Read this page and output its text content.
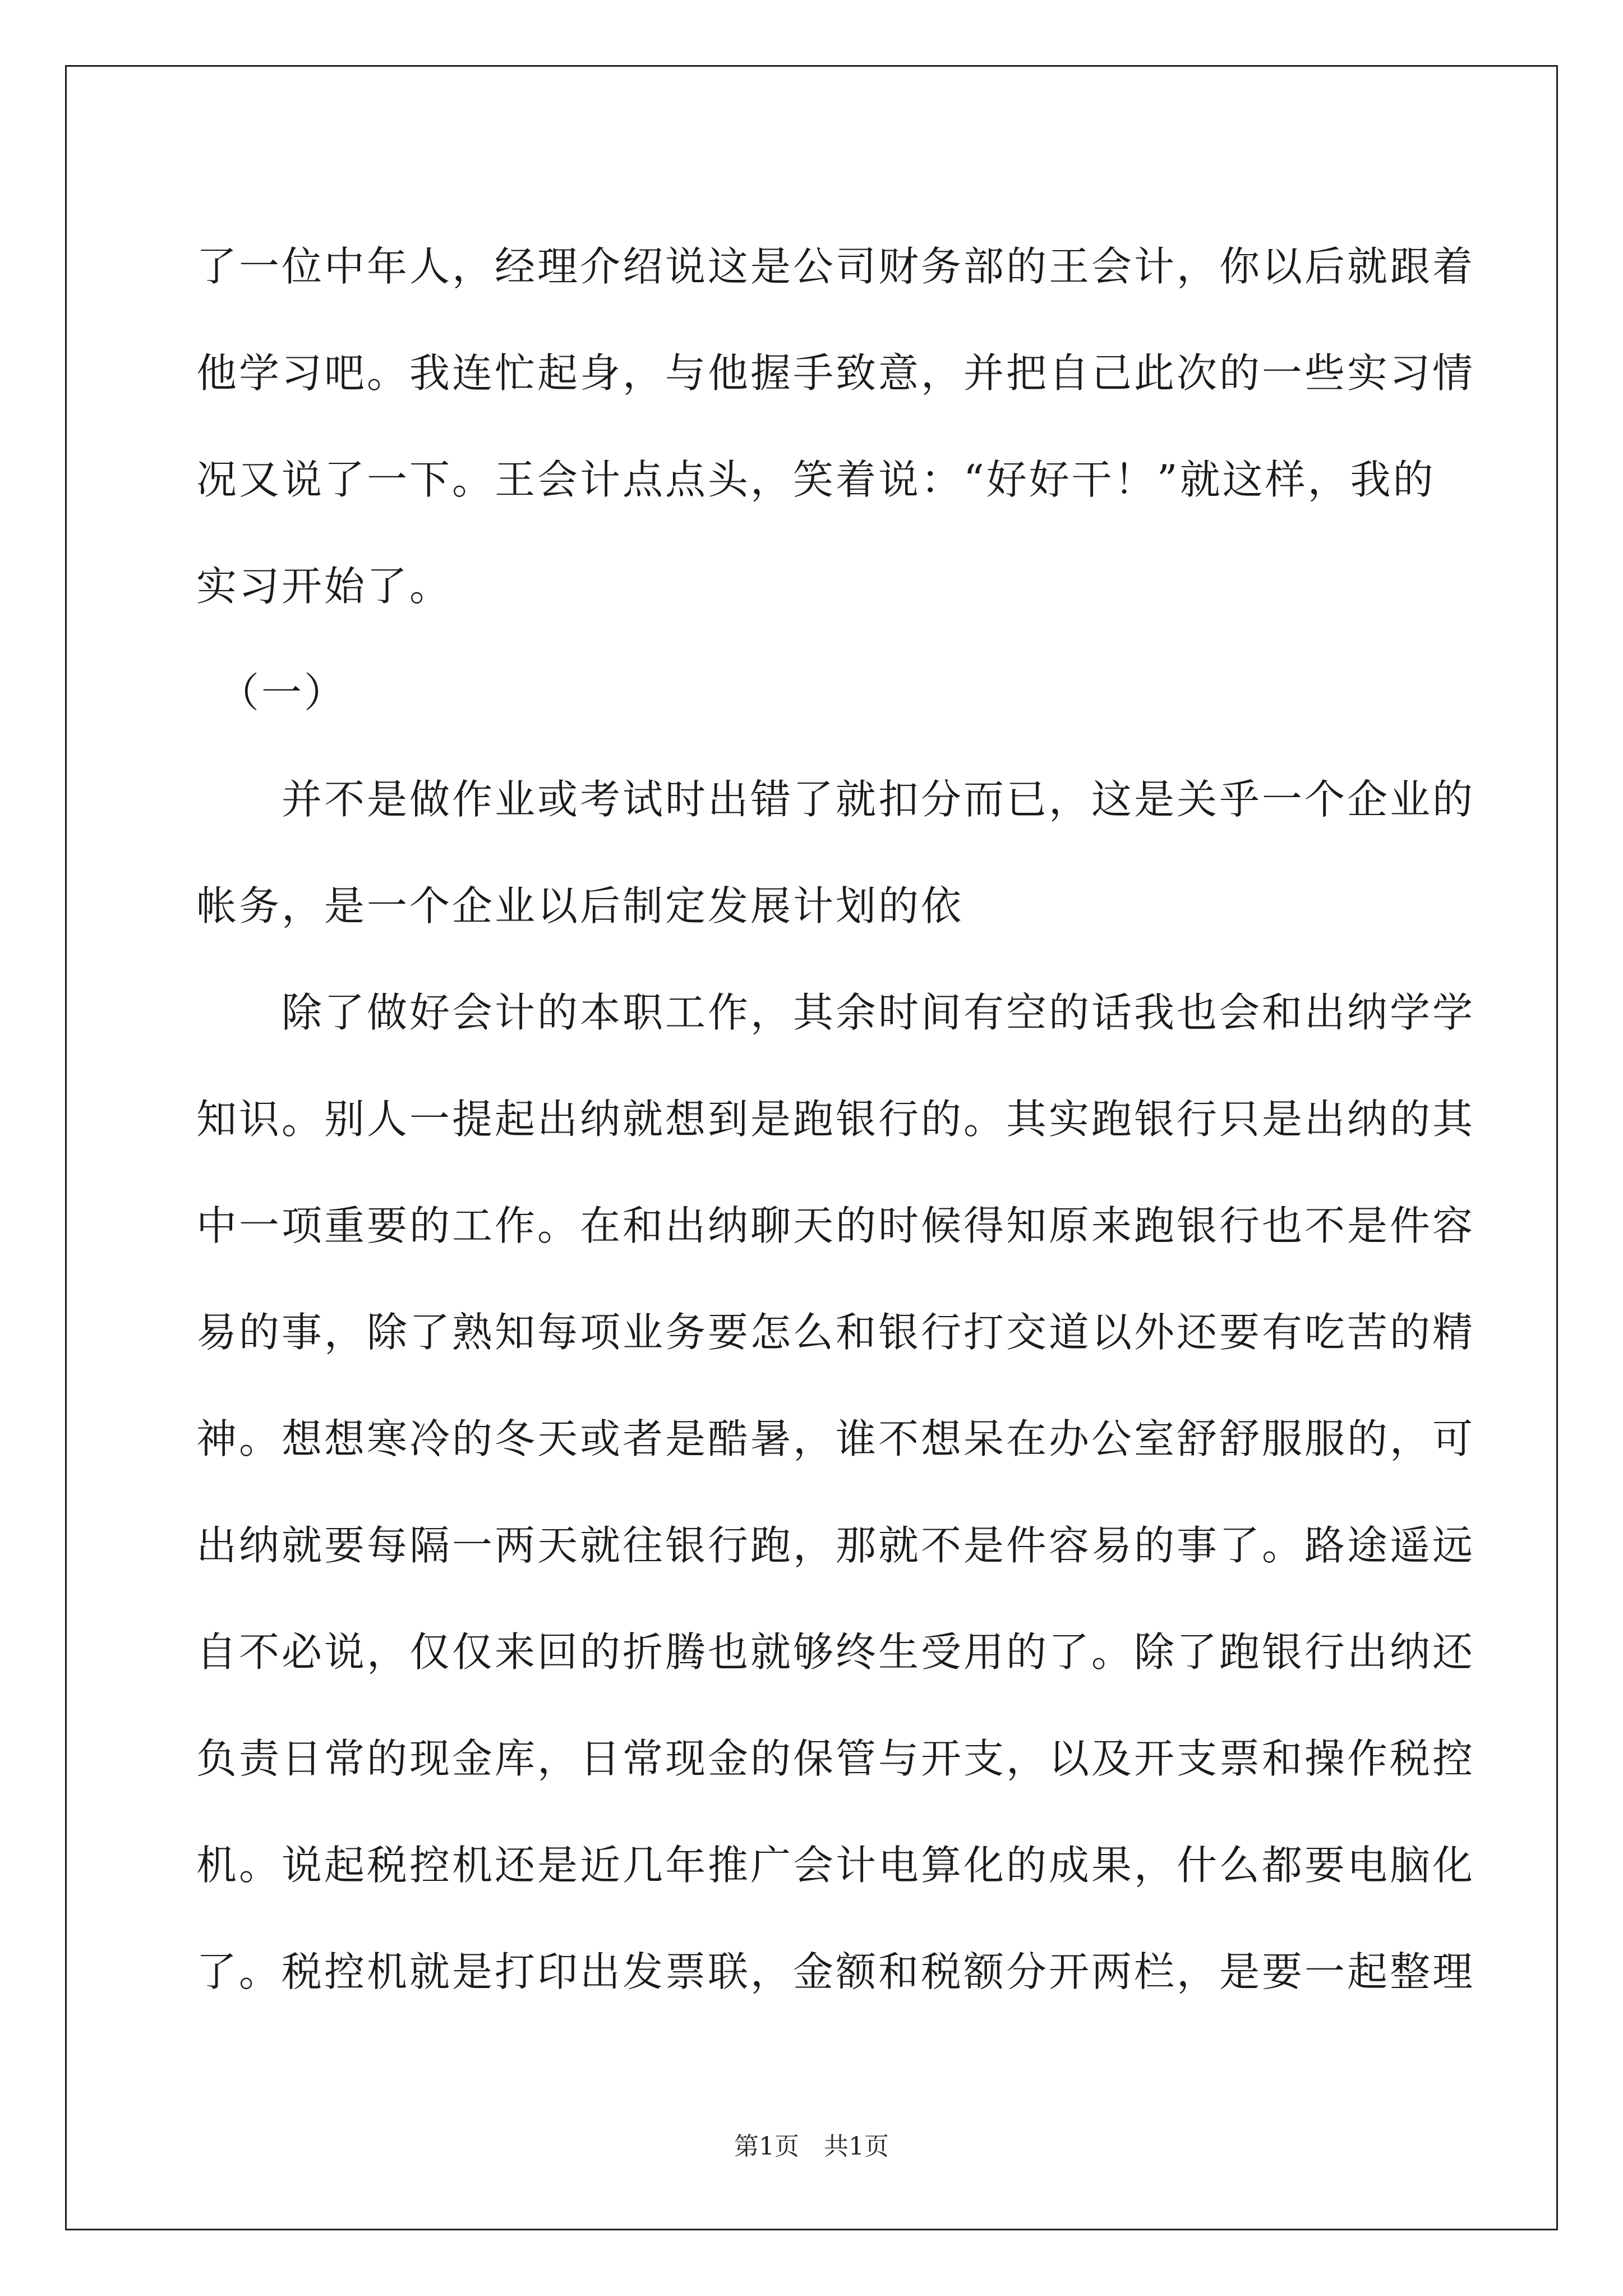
了一位中年人，经理介绍说这是公司财务部的王会计，你以后就跟着
他学习吧。我连忙起身，与他握手致意，并把自己此次的一些实习情
况又说了一下。王会计点点头，笑着说：“好好干！”就这样，我的
实习开始了。
　（一）
　　并不是做作业或考试时出错了就扣分而已，这是关乎一个企业的
帐务，是一个企业以后制定发展计划的依
　　除了做好会计的本职工作，其余时间有空的话我也会和出纳学学
知识。别人一提起出纳就想到是跑银行的。其实跑银行只是出纳的其
中一项重要的工作。在和出纳聊天的时候得知原来跑银行也不是件容
易的事，除了熟知每项业务要怎么和银行打交道以外还要有吃苦的精
神。想想寒冷的冬天或者是酷暑，谁不想呆在办公室舒舒服服的，可
出纳就要每隔一两天就往银行跑，那就不是件容易的事了。路途遥远
自不必说，仅仅来回的折腾也就够终生受用的了。除了跑银行出纳还
负责日常的现金库，日常现金的保管与开支，以及开支票和操作税控
机。说起税控机还是近几年推广会计电算化的成果，什么都要电脑化
了。税控机就是打印出发票联，金额和税额分开两栏，是要一起整理
第1页　共1页
